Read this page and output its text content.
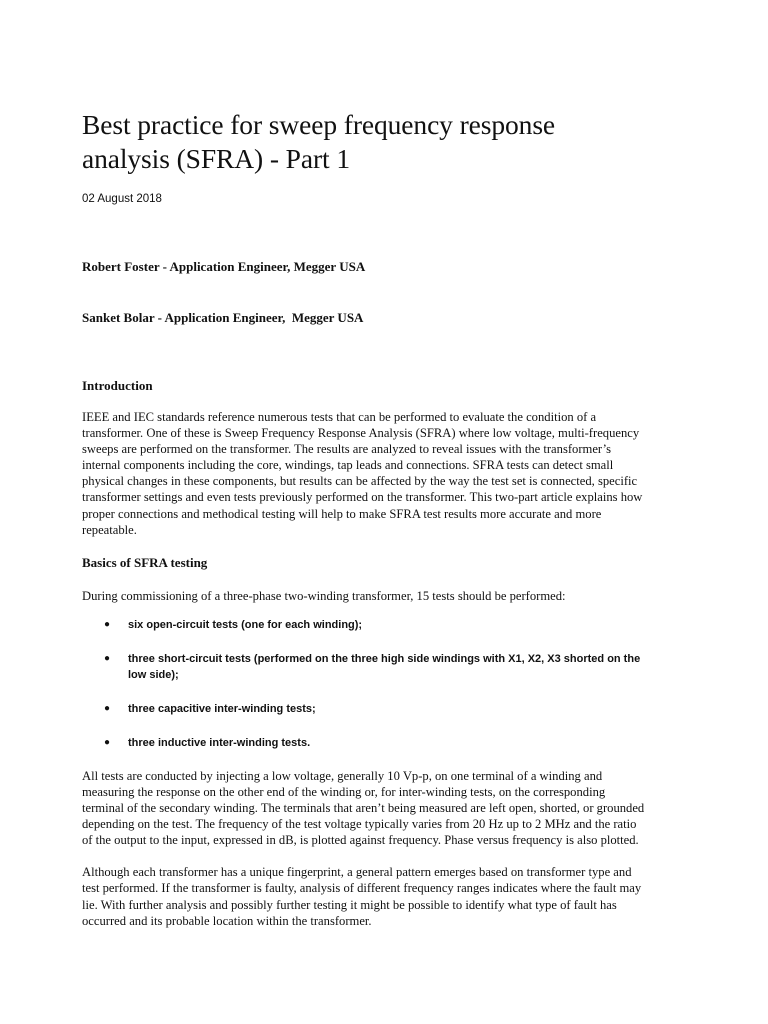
Best practice for sweep frequency response analysis (SFRA) - Part 1
02 August 2018

Robert Foster - Application Engineer, Megger USA

Sanket Bolar - Application Engineer,  Megger USA

Introduction

IEEE and IEC standards reference numerous tests that can be performed to evaluate the condition of a transformer. One of these is Sweep Frequency Response Analysis (SFRA) where low voltage, multi-frequency sweeps are performed on the transformer. The results are analyzed to reveal issues with the transformer’s internal components including the core, windings, tap leads and connections. SFRA tests can detect small physical changes in these components, but results can be affected by the way the test set is connected, specific transformer settings and even tests previously performed on the transformer. This two-part article explains how proper connections and methodical testing will help to make SFRA test results more accurate and more repeatable.

Basics of SFRA testing

During commissioning of a three-phase two-winding transformer, 15 tests should be performed:

● six open-circuit tests (one for each winding);
● three short-circuit tests (performed on the three high side windings with X1, X2, X3 shorted on the low side);
● three capacitive inter-winding tests;
● three inductive inter-winding tests.

All tests are conducted by injecting a low voltage, generally 10 Vp-p, on one terminal of a winding and measuring the response on the other end of the winding or, for inter-winding tests, on the corresponding terminal of the secondary winding. The terminals that aren’t being measured are left open, shorted, or grounded depending on the test. The frequency of the test voltage typically varies from 20 Hz up to 2 MHz and the ratio of the output to the input, expressed in dB, is plotted against frequency. Phase versus frequency is also plotted.

Although each transformer has a unique fingerprint, a general pattern emerges based on transformer type and test performed. If the transformer is faulty, analysis of different frequency ranges indicates where the fault may lie. With further analysis and possibly further testing it might be possible to identify what type of fault has occurred and its probable location within the transformer.
